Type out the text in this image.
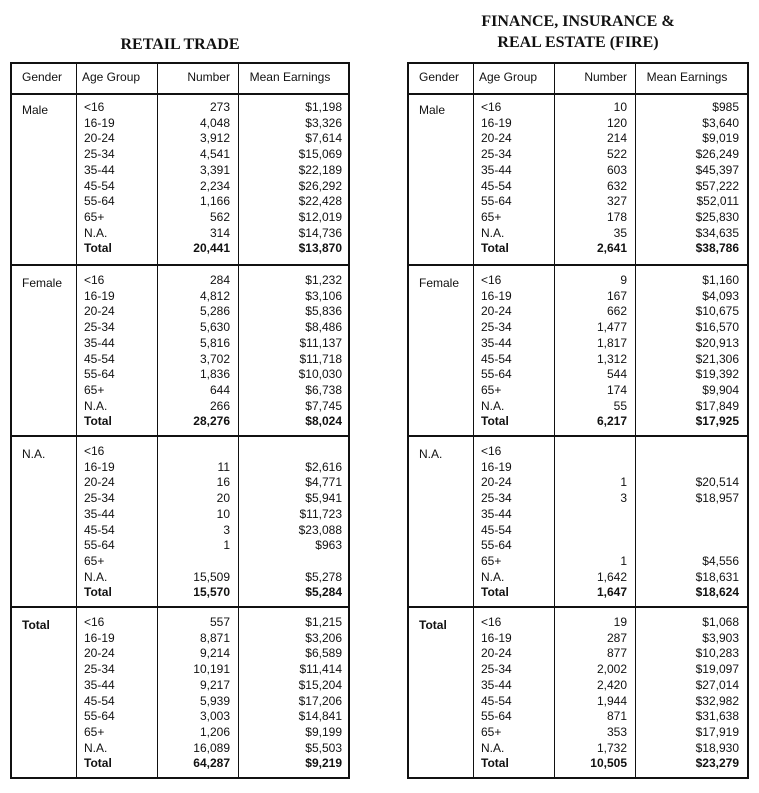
RETAIL TRADE
Gender Age Group	Number	Mean Earnings
Male	<16	273	$1,198
16-19	4,048	$3,326
20-24	3,912	$7,614
25-34	4,541	$15,069
35-44	3,391	$22,189
45-54	2,234	$26,292
55-64	1,166	$22,428
65+	562	$12,019
N.A.	314	$14,736
Total	20,441	$13,870
Female <16	284	$1,232
16-19	4,812	$3,106
20-24	5,286	$5,836
25-34	5,630	$8,486
35-44	5,816	$11,137
45-54	3,702	$11,718
55-64	1,836	$10,030
65+	644	$6,738
N.A.	266	$7,745
Total	28,276	$8,024
N.A.	<16
16-19	11	$2,616
20-24	16	$4,771
25-34	20	$5,941
35-44	10	$11,723
45-54	3	$23,088
55-64	1	$963
65+
N.A.	15,509	$5,278
Total	15,570	$5,284
Total	<16	557	$1,215
16-19	8,871	$3,206
20-24	9,214	$6,589
25-34	10,191	$11,414
35-44	9,217	$15,204
45-54	5,939	$17,206
55-64	3,003	$14,841
65+	1,206	$9,199
N.A.	16,089	$5,503
Total	64,287	$9,219
FINANCE, INSURANCE &
REAL ESTATE (FIRE)
Gender Age Group	Number	Mean Earnings
Male	<16	10	$985
16-19	120	$3,640
20-24	214	$9,019
25-34	522	$26,249
35-44	603	$45,397
45-54	632	$57,222
55-64	327	$52,011
65+	178	$25,830
N.A.	35	$34,635
Total	2,641	$38,786
Female <16	9	$1,160
16-19	167	$4,093
20-24	662	$10,675
25-34	1,477	$16,570
35-44	1,817	$20,913
45-54	1,312	$21,306
55-64	544	$19,392
65+	174	$9,904
N.A.	55	$17,849
Total	6,217	$17,925
N.A.	<16
16-19
20-24	1	$20,514
25-34	3	$18,957
35-44
45-54
55-64
65+	1	$4,556
N.A.	1,642	$18,631
Total	1,647	$18,624
Total	<16	19	$1,068
16-19	287	$3,903
20-24	877	$10,283
25-34	2,002	$19,097
35-44	2,420	$27,014
45-54	1,944	$32,982
55-64	871	$31,638
65+	353	$17,919
N.A.	1,732	$18,930
Total	10,505	$23,279
